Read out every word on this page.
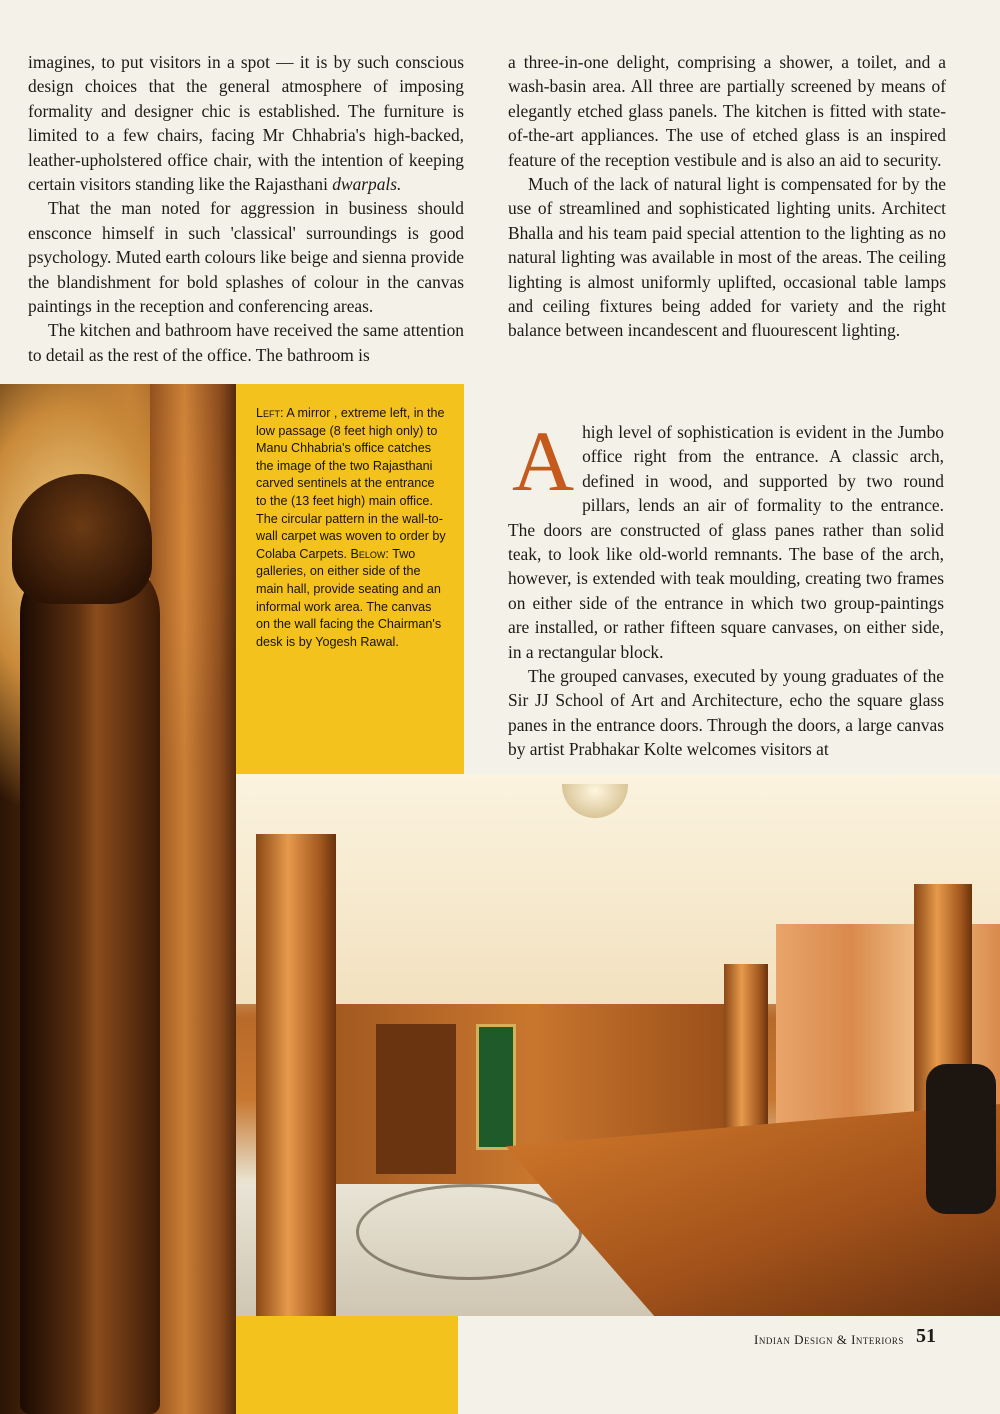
imagines, to put visitors in a spot — it is by such conscious design choices that the general atmosphere of imposing formality and designer chic is established. The furniture is limited to a few chairs, facing Mr Chhabria's high-backed, leather-upholstered office chair, with the intention of keeping certain visitors standing like the Rajasthani dwarpals.

That the man noted for aggression in business should ensconce himself in such 'classical' surroundings is good psychology. Muted earth colours like beige and sienna provide the blandishment for bold splashes of colour in the canvas paintings in the reception and conferencing areas.

The kitchen and bathroom have received the same attention to detail as the rest of the office. The bathroom is

a three-in-one delight, comprising a shower, a toilet, and a wash-basin area. All three are partially screened by means of elegantly etched glass panels. The kitchen is fitted with state-of-the-art appliances. The use of etched glass is an inspired feature of the reception vestibule and is also an aid to security.

Much of the lack of natural light is compensated for by the use of streamlined and sophisticated lighting units. Architect Bhalla and his team paid special attention to the lighting as no natural lighting was available in most of the areas. The ceiling lighting is almost uniformly uplifted, occasional table lamps and ceiling fixtures being added for variety and the right balance between incandescent and fluourescent lighting.

Ahigh level of sophistication is evident in the Jumbo office right from the entrance. A classic arch, defined in wood, and supported by two round pillars, lends an air of formality to the entrance. The doors are constructed of glass panes rather than solid teak, to look like old-world remnants. The base of the arch, however, is extended with teak moulding, creating two frames on either side of the entrance in which two group-paintings are installed, or rather fifteen square canvases, on either side, in a rectangular block.

The grouped canvases, executed by young graduates of the Sir JJ School of Art and Architecture, echo the square glass panes in the entrance doors. Through the doors, a large canvas by artist Prabhakar Kolte welcomes visitors at

Left: A mirror , extreme left, in the low passage (8 feet high only) to Manu Chhabria's office catches the image of the two Rajasthani carved sentinels at the entrance to the (13 feet high) main office. The circular pattern in the wall-to-wall carpet was woven to order by Colaba Carpets. Below: Two galleries, on either side of the main hall, provide seating and an informal work area. The canvas on the wall facing the Chairman's desk is by Yogesh Rawal.
Indian Design & Interiors 51
